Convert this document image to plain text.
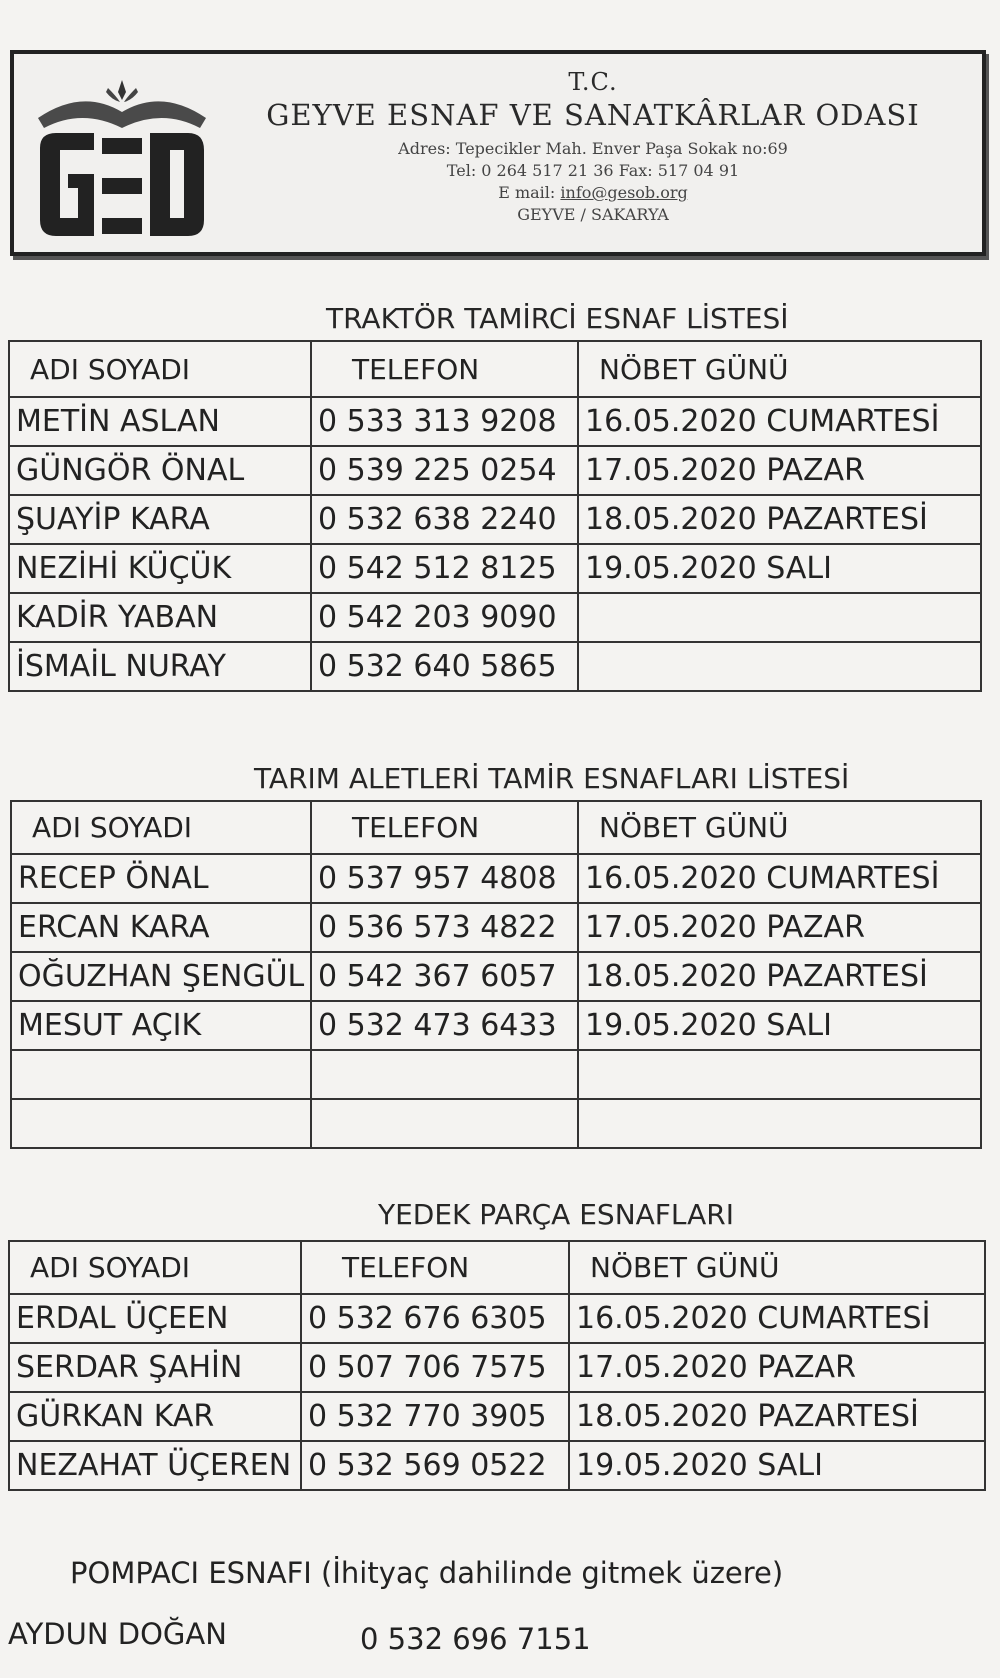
T.C.
GEYVE ESNAF VE SANATKÂRLAR ODASI
Adres: Tepecikler Mah. Enver Paşa Sokak no:69
Tel: 0 264 517 21 36 Fax: 517 04 91
E mail: info@gesob.org
GEYVE / SAKARYA
TRAKTÖR TAMİRCİ ESNAF LİSTESİ
ADI SOYADI	TELEFON	NÖBET GÜNÜ
METİN ASLAN	0 533 313 9208	16.05.2020 CUMARTESİ
GÜNGÖR ÖNAL	0 539 225 0254	17.05.2020 PAZAR
ŞUAYİP KARA	0 532 638 2240	18.05.2020 PAZARTESİ
NEZİHİ KÜÇÜK	0 542 512 8125	19.05.2020 SALI
KADİR YABAN	0 542 203 9090	
İSMAİL NURAY	0 532 640 5865	
TARIM ALETLERİ TAMİR ESNAFLARI LİSTESİ
ADI SOYADI	TELEFON	NÖBET GÜNÜ
RECEP ÖNAL	0 537 957 4808	16.05.2020 CUMARTESİ
ERCAN KARA	0 536 573 4822	17.05.2020 PAZAR
OĞUZHAN ŞENGÜL	0 542 367 6057	18.05.2020 PAZARTESİ
MESUT AÇIK	0 532 473 6433	19.05.2020 SALI

YEDEK PARÇA ESNAFLARI
ADI SOYADI	TELEFON	NÖBET GÜNÜ
ERDAL ÜÇEEN	0 532 676 6305	16.05.2020 CUMARTESİ
SERDAR ŞAHİN	0 507 706 7575	17.05.2020 PAZAR
GÜRKAN KAR	0 532 770 3905	18.05.2020 PAZARTESİ
NEZAHAT ÜÇEREN	0 532 569 0522	19.05.2020 SALI
POMPACI ESNAFI (İhityaç dahilinde gitmek üzere)
AYDUN DOĞAN	0 532 696 7151
